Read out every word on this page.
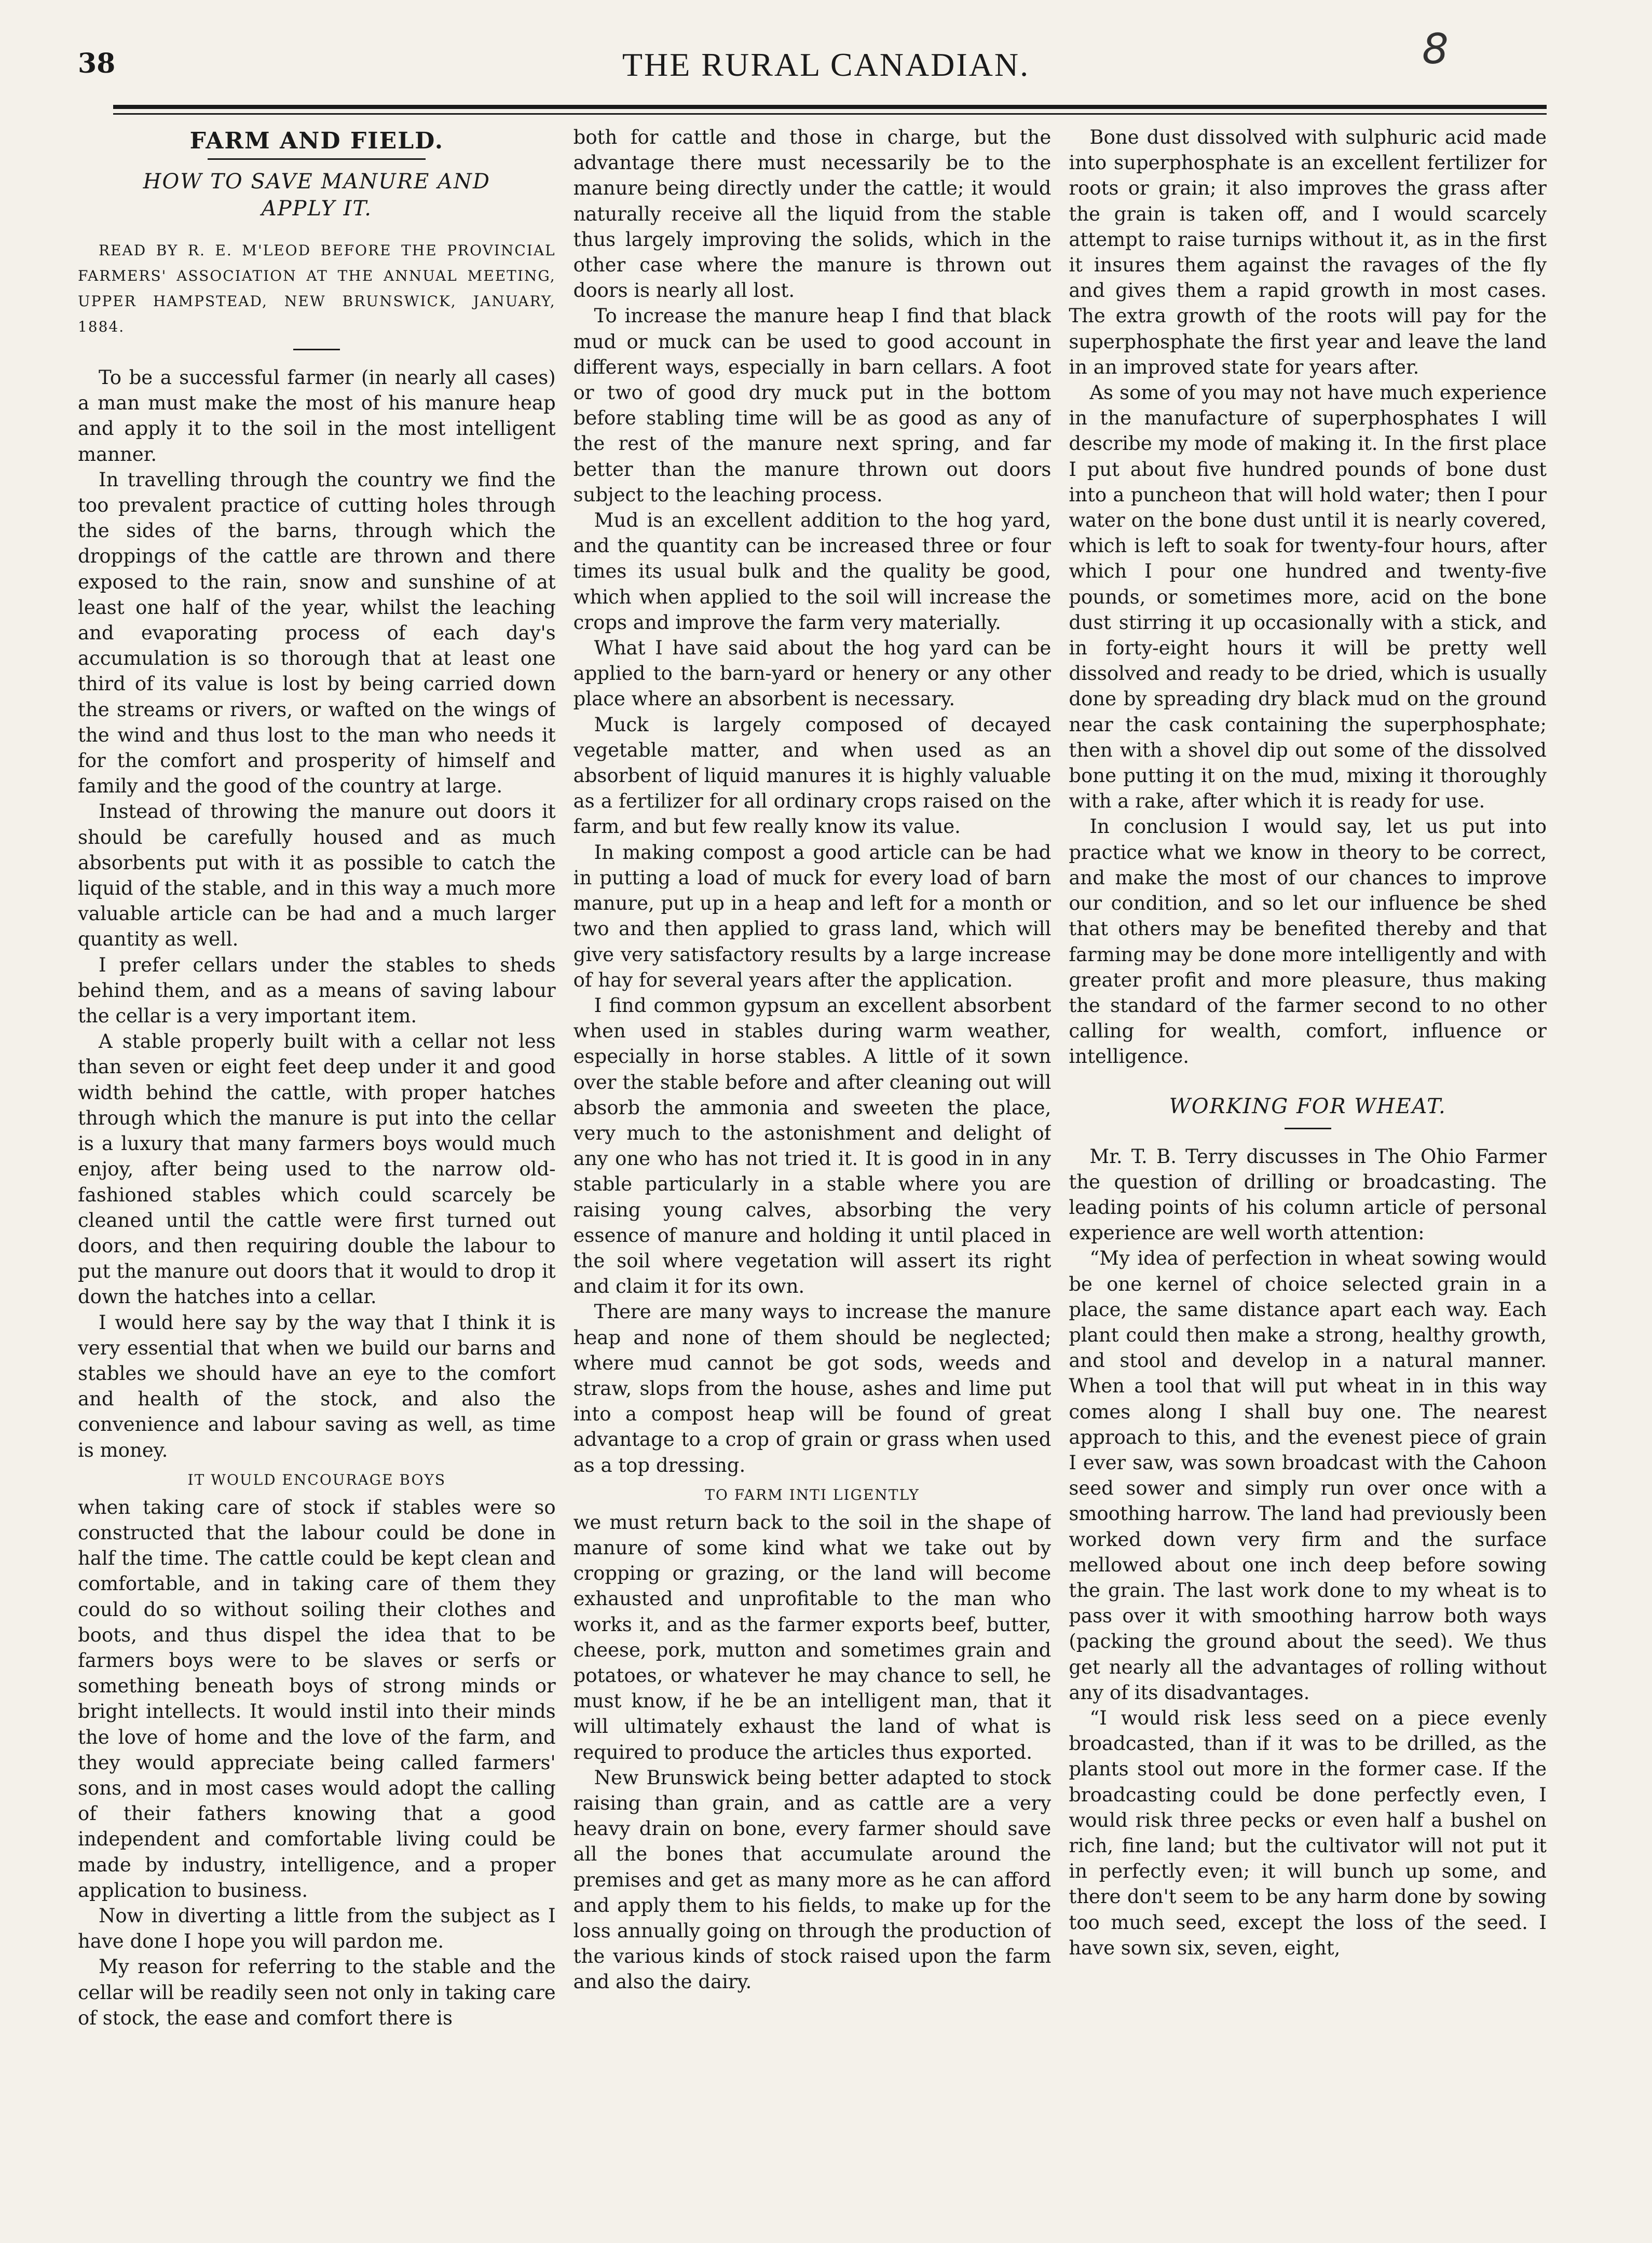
38	THE RURAL CANADIAN.	8
FARM AND FIELD.
HOW TO SAVE MANURE AND
APPLY IT.

READ BY R. E. M'LEOD BEFORE THE PROVINCIAL FARMERS' ASSOCIATION AT THE ANNUAL MEETING, UPPER HAMPSTEAD, NEW BRUNSWICK, JANUARY, 1884.

To be a successful farmer (in nearly all cases) a man must make the most of his manure heap and apply it to the soil in the most intelligent manner.

In travelling through the country we find the too prevalent practice of cutting holes through the sides of the barns, through which the droppings of the cattle are thrown and there exposed to the rain, snow and sunshine of at least one half of the year, whilst the leaching and evaporating process of each day's accumulation is so thorough that at least one third of its value is lost by being carried down the streams or rivers, or wafted on the wings of the wind and thus lost to the man who needs it for the comfort and prosperity of himself and family and the good of the country at large.

Instead of throwing the manure out doors it should be carefully housed and as much absorbents put with it as possible to catch the liquid of the stable, and in this way a much more valuable article can be had and a much larger quantity as well.

I prefer cellars under the stables to sheds behind them, and as a means of saving labour the cellar is a very important item.

A stable properly built with a cellar not less than seven or eight feet deep under it and good width behind the cattle, with proper hatches through which the manure is put into the cellar is a luxury that many farmers boys would much enjoy, after being used to the narrow old-fashioned stables which could scarcely be cleaned until the cattle were first turned out doors, and then requiring double the labour to put the manure out doors that it would to drop it down the hatches into a cellar.

I would here say by the way that I think it is very essential that when we build our barns and stables we should have an eye to the comfort and health of the stock, and also the convenience and labour saving as well, as time is money.

IT WOULD ENCOURAGE BOYS

when taking care of stock if stables were so constructed that the labour could be done in half the time. The cattle could be kept clean and comfortable, and in taking care of them they could do so without soiling their clothes and boots, and thus dispel the idea that to be farmers boys were to be slaves or serfs or something beneath boys of strong minds or bright intellects. It would instil into their minds the love of home and the love of the farm, and they would appreciate being called farmers' sons, and in most cases would adopt the calling of their fathers knowing that a good independent and comfortable living could be made by industry, intelligence, and a proper application to business.

Now in diverting a little from the subject as I have done I hope you will pardon me.

My reason for referring to the stable and the cellar will be readily seen not only in taking care of stock, the ease and comfort there is

both for cattle and those in charge, but the advantage there must necessarily be to the manure being directly under the cattle; it would naturally receive all the liquid from the stable thus largely improving the solids, which in the other case where the manure is thrown out doors is nearly all lost.

To increase the manure heap I find that black mud or muck can be used to good account in different ways, especially in barn cellars. A foot or two of good dry muck put in the bottom before stabling time will be as good as any of the rest of the manure next spring, and far better than the manure thrown out doors subject to the leaching process.

Mud is an excellent addition to the hog yard, and the quantity can be increased three or four times its usual bulk and the quality be good, which when applied to the soil will increase the crops and improve the farm very materially.

What I have said about the hog yard can be applied to the barn-yard or henery or any other place where an absorbent is necessary.

Muck is largely composed of decayed vegetable matter, and when used as an absorbent of liquid manures it is highly valuable as a fertilizer for all ordinary crops raised on the farm, and but few really know its value.

In making compost a good article can be had in putting a load of muck for every load of barn manure, put up in a heap and left for a month or two and then applied to grass land, which will give very satisfactory results by a large increase of hay for several years after the application.

I find common gypsum an excellent absorbent when used in stables during warm weather, especially in horse stables. A little of it sown over the stable before and after cleaning out will absorb the ammonia and sweeten the place, very much to the astonishment and delight of any one who has not tried it. It is good in in any stable particularly in a stable where you are raising young calves, absorbing the very essence of manure and holding it until placed in the soil where vegetation will assert its right and claim it for its own.

There are many ways to increase the manure heap and none of them should be neglected; where mud cannot be got sods, weeds and straw, slops from the house, ashes and lime put into a compost heap will be found of great advantage to a crop of grain or grass when used as a top dressing.

TO FARM INTI LIGENTLY

we must return back to the soil in the shape of manure of some kind what we take out by cropping or grazing, or the land will become exhausted and unprofitable to the man who works it, and as the farmer exports beef, butter, cheese, pork, mutton and sometimes grain and potatoes, or whatever he may chance to sell, he must know, if he be an intelligent man, that it will ultimately exhaust the land of what is required to produce the articles thus exported.

New Brunswick being better adapted to stock raising than grain, and as cattle are a very heavy drain on bone, every farmer should save all the bones that accumulate around the premises and get as many more as he can afford and apply them to his fields, to make up for the loss annually going on through the production of the various kinds of stock raised upon the farm and also the dairy.

Bone dust dissolved with sulphuric acid made into superphosphate is an excellent fertilizer for roots or grain; it also improves the grass after the grain is taken off, and I would scarcely attempt to raise turnips without it, as in the first it insures them against the ravages of the fly and gives them a rapid growth in most cases. The extra growth of the roots will pay for the superphosphate the first year and leave the land in an improved state for years after.

As some of you may not have much experience in the manufacture of superphosphates I will describe my mode of making it. In the first place I put about five hundred pounds of bone dust into a puncheon that will hold water; then I pour water on the bone dust until it is nearly covered, which is left to soak for twenty-four hours, after which I pour one hundred and twenty-five pounds, or sometimes more, acid on the bone dust stirring it up occasionally with a stick, and in forty-eight hours it will be pretty well dissolved and ready to be dried, which is usually done by spreading dry black mud on the ground near the cask containing the superphosphate; then with a shovel dip out some of the dissolved bone putting it on the mud, mixing it thoroughly with a rake, after which it is ready for use.

In conclusion I would say, let us put into practice what we know in theory to be correct, and make the most of our chances to improve our condition, and so let our influence be shed that others may be benefited thereby and that farming may be done more intelligently and with greater profit and more pleasure, thus making the standard of the farmer second to no other calling for wealth, comfort, influence or intelligence.

WORKING FOR WHEAT.

Mr. T. B. Terry discusses in The Ohio Farmer the question of drilling or broadcasting. The leading points of his column article of personal experience are well worth attention:

“My idea of perfection in wheat sowing would be one kernel of choice selected grain in a place, the same distance apart each way. Each plant could then make a strong, healthy growth, and stool and develop in a natural manner. When a tool that will put wheat in in this way comes along I shall buy one. The nearest approach to this, and the evenest piece of grain I ever saw, was sown broadcast with the Cahoon seed sower and simply run over once with a smoothing harrow. The land had previously been worked down very firm and the surface mellowed about one inch deep before sowing the grain. The last work done to my wheat is to pass over it with smoothing harrow both ways (packing the ground about the seed). We thus get nearly all the advantages of rolling without any of its disadvantages.

“I would risk less seed on a piece evenly broadcasted, than if it was to be drilled, as the plants stool out more in the former case. If the broadcasting could be done perfectly even, I would risk three pecks or even half a bushel on rich, fine land; but the cultivator will not put it in perfectly even; it will bunch up some, and there don't seem to be any harm done by sowing too much seed, except the loss of the seed. I have sown six, seven, eight,
